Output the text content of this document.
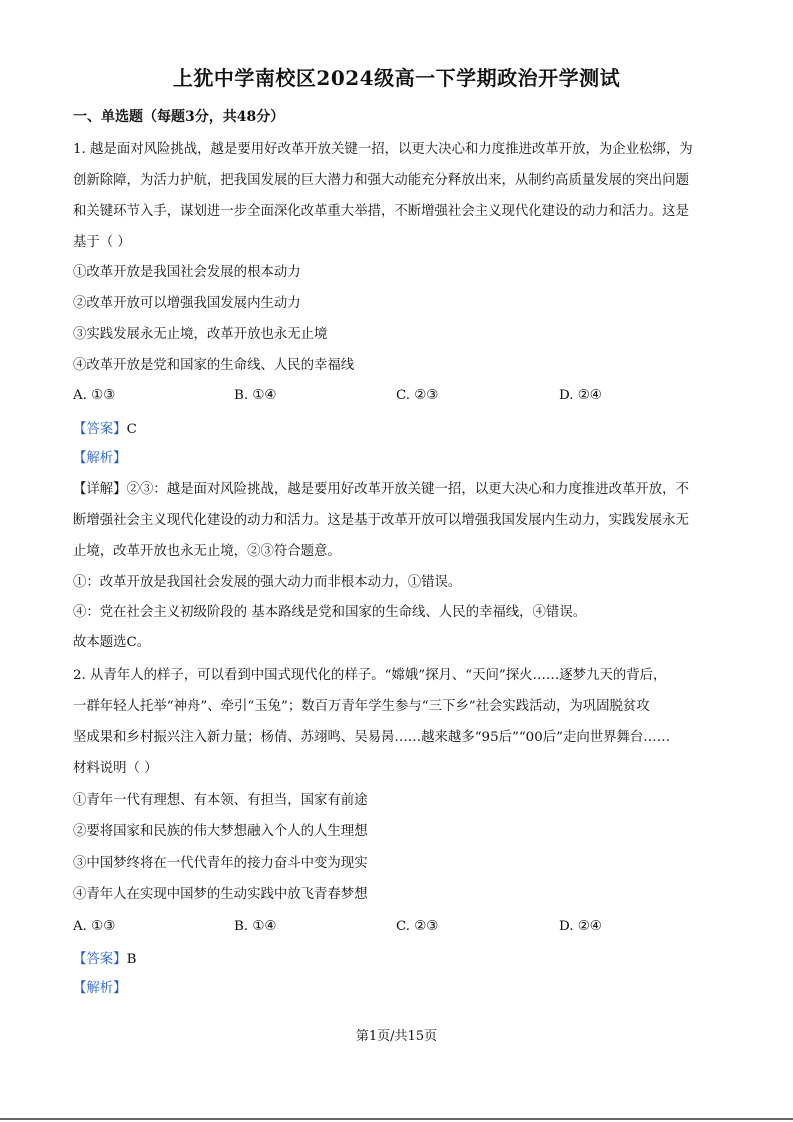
上犹中学南校区2024级高一下学期政治开学测试
一、单选题（每题3分，共48分）
1. 越是面对风险挑战，越是要用好改革开放关键一招，以更大决心和力度推进改革开放，为企业松绑，为
创新除障，为活力护航，把我国发展的巨大潜力和强大动能充分释放出来，从制约高质量发展的突出问题
和关键环节入手，谋划进一步全面深化改革重大举措，不断增强社会主义现代化建设的动力和活力。这是
基于（ ）
①改革开放是我国社会发展的根本动力
②改革开放可以增强我国发展内生动力
③实践发展永无止境，改革开放也永无止境
④改革开放是党和国家的生命线、人民的幸福线
A. ①③	B. ①④	C. ②③	D. ②④
【答案】C
【解析】
【详解】②③：越是面对风险挑战，越是要用好改革开放关键一招，以更大决心和力度推进改革开放，不
断增强社会主义现代化建设的动力和活力。这是基于改革开放可以增强我国发展内生动力，实践发展永无
止境，改革开放也永无止境，②③符合题意。
①：改革开放是我国社会发展的强大动力而非根本动力，①错误。
④：党在社会主义初级阶段的 基本路线是党和国家的生命线、人民的幸福线，④错误。
故本题选C。
2. 从青年人的样子，可以看到中国式现代化的样子。“嫦娥”探月、“天问”探火……逐梦九天的背后，
一群年轻人托举“神舟”、牵引“玉兔”；数百万青年学生参与“三下乡”社会实践活动，为巩固脱贫攻
坚成果和乡村振兴注入新力量；杨倩、苏翊鸣、吴易昺……越来越多“95后”“00后”走向世界舞台……
材料说明（ ）
①青年一代有理想、有本领、有担当，国家有前途
②要将国家和民族的伟大梦想融入个人的人生理想
③中国梦终将在一代代青年的接力奋斗中变为现实
④青年人在实现中国梦的生动实践中放飞青春梦想
A. ①③	B. ①④	C. ②③	D. ②④
【答案】B
【解析】
第1页/共15页
